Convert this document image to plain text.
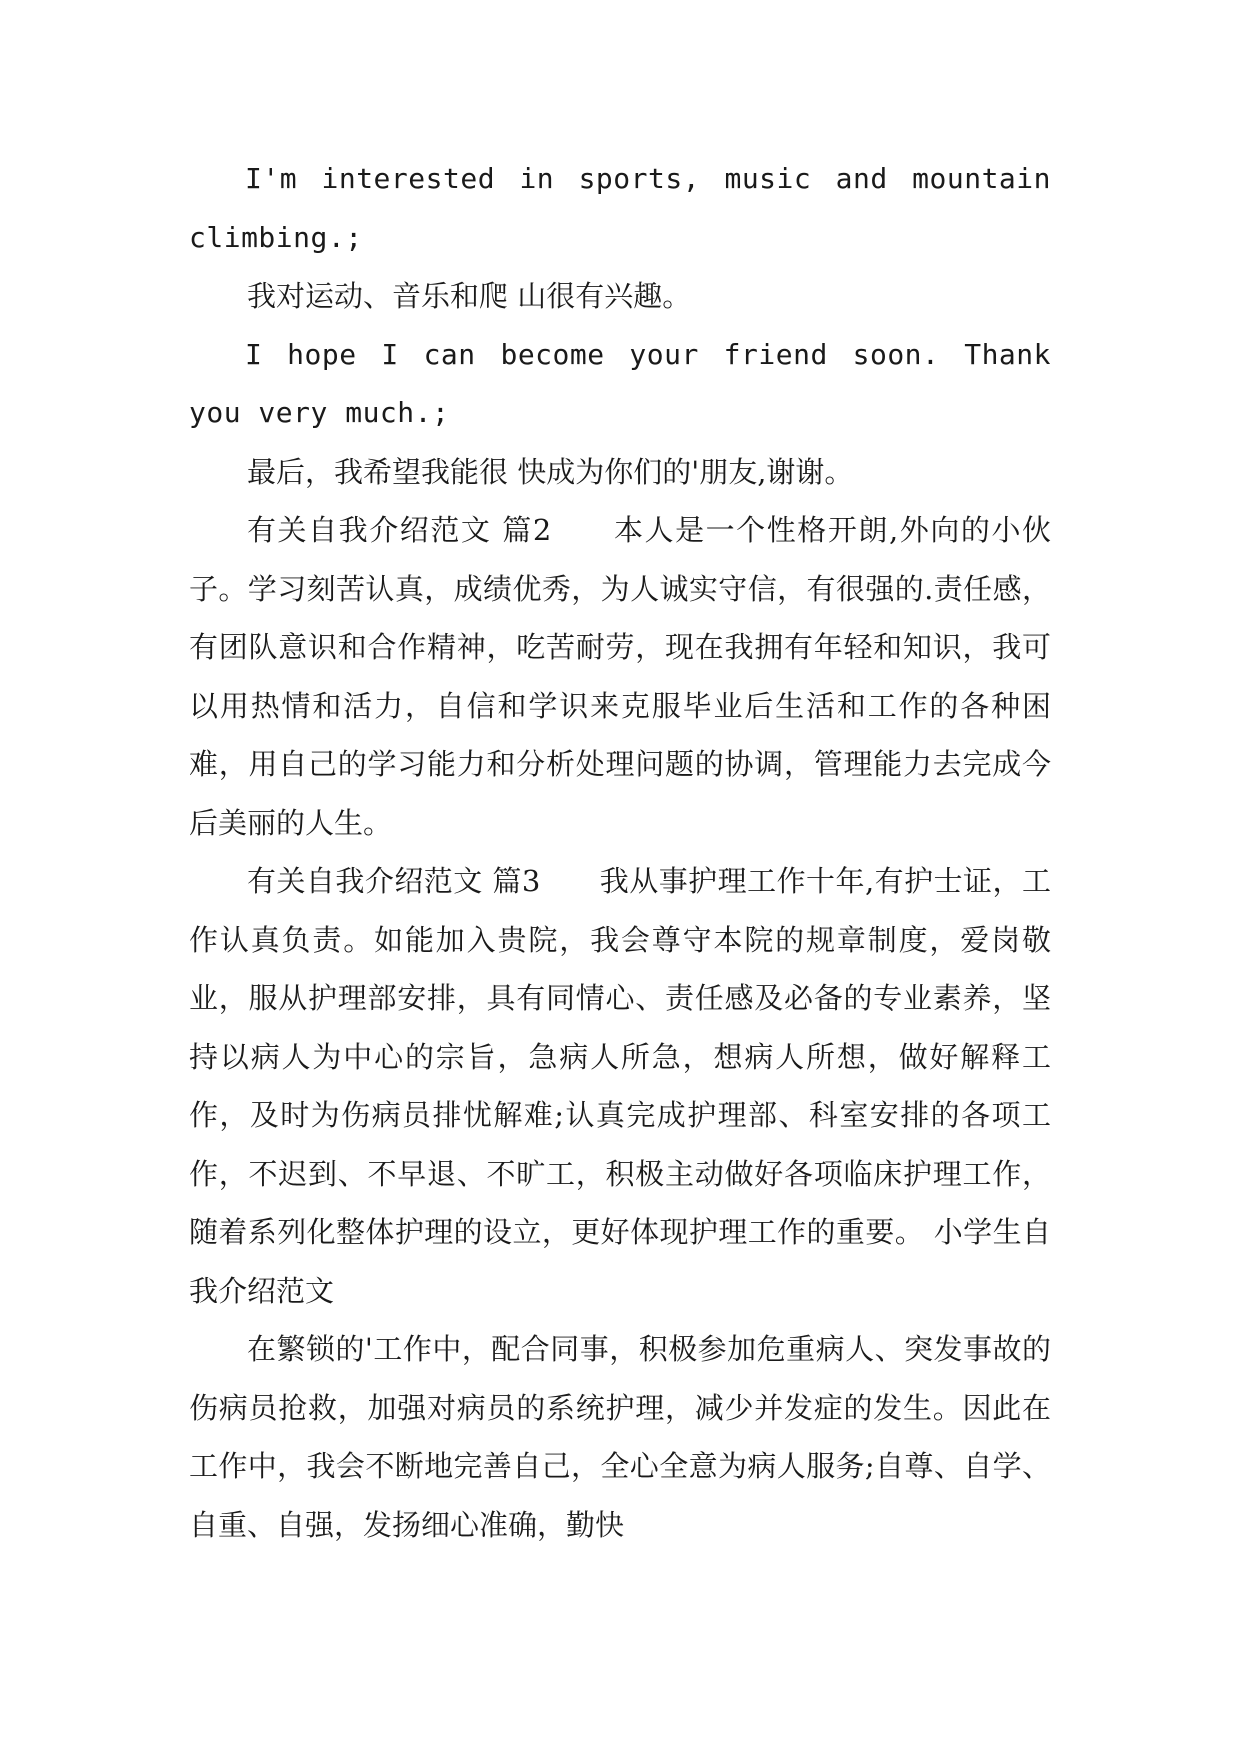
I'm interested in sports, music and mountain climbing.;

我对运动、音乐和爬 山很有兴趣。

I hope I can become your friend soon. Thank you very much.;

最后，我希望我能很 快成为你们的'朋友,谢谢。

有关自我介绍范文 篇2　　本人是一个性格开朗,外向的小伙子。学习刻苦认真，成绩优秀，为人诚实守信，有很强的.责任感，有团队意识和合作精神，吃苦耐劳，现在我拥有年轻和知识，我可以用热情和活力，自信和学识来克服毕业后生活和工作的各种困难，用自己的学习能力和分析处理问题的协调，管理能力去完成今后美丽的人生。

有关自我介绍范文 篇3　　我从事护理工作十年,有护士证，工作认真负责。如能加入贵院，我会尊守本院的规章制度，爱岗敬业，服从护理部安排，具有同情心、责任感及必备的专业素养，坚持以病人为中心的宗旨，急病人所急，想病人所想，做好解释工作，及时为伤病员排忧解难;认真完成护理部、科室安排的各项工作，不迟到、不早退、不旷工，积极主动做好各项临床护理工作，随着系列化整体护理的设立，更好体现护理工作的重要。 小学生自我介绍范文

在繁锁的'工作中，配合同事，积极参加危重病人、突发事故的伤病员抢救，加强对病员的系统护理，减少并发症的发生。因此在工作中，我会不断地完善自己，全心全意为病人服务;自尊、自学、自重、自强，发扬细心准确，勤快
